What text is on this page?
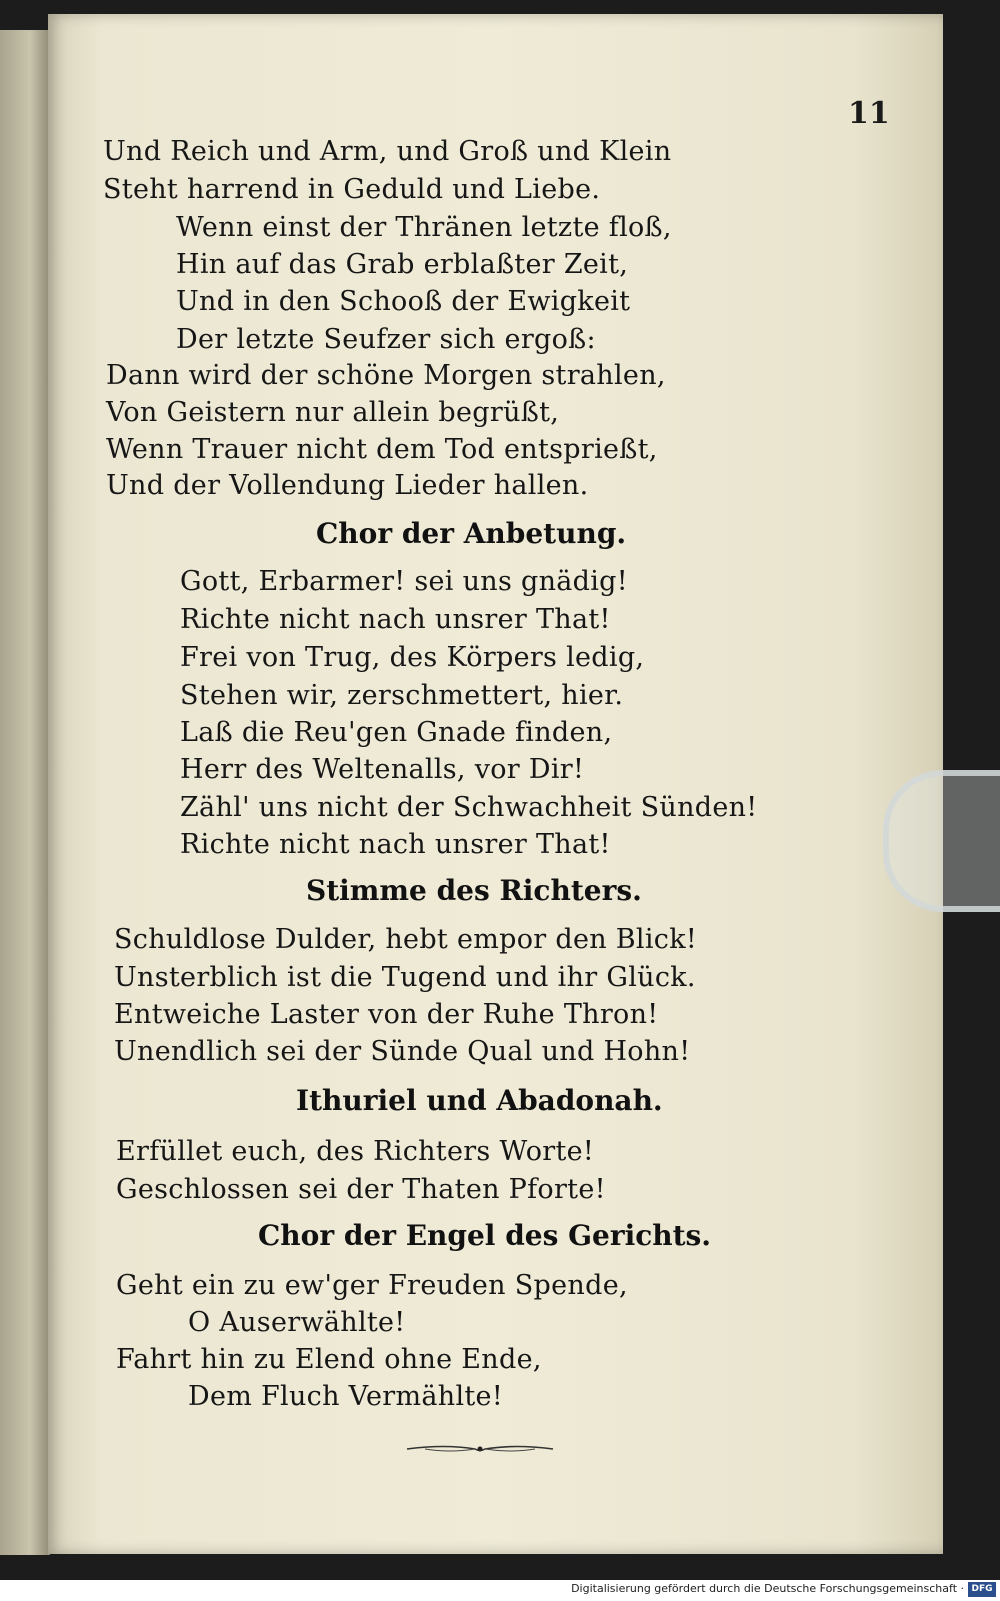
11
Und Reich und Arm, und Groß und Klein
Steht harrend in Geduld und Liebe.
Wenn einst der Thränen letzte floß,
Hin auf das Grab erblaßter Zeit,
Und in den Schooß der Ewigkeit
Der letzte Seufzer sich ergoß:
Dann wird der schöne Morgen strahlen,
Von Geistern nur allein begrüßt,
Wenn Trauer nicht dem Tod entsprießt,
Und der Vollendung Lieder hallen.
Chor der Anbetung.
Gott, Erbarmer! sei uns gnädig!
Richte nicht nach unsrer That!
Frei von Trug, des Körpers ledig,
Stehen wir, zerschmettert, hier.
Laß die Reu'gen Gnade finden,
Herr des Weltenalls, vor Dir!
Zähl' uns nicht der Schwachheit Sünden!
Richte nicht nach unsrer That!
Stimme des Richters.
Schuldlose Dulder, hebt empor den Blick!
Unsterblich ist die Tugend und ihr Glück.
Entweiche Laster von der Ruhe Thron!
Unendlich sei der Sünde Qual und Hohn!
Ithuriel und Abadonah.
Erfüllet euch, des Richters Worte!
Geschlossen sei der Thaten Pforte!
Chor der Engel des Gerichts.
Geht ein zu ew'ger Freuden Spende,
O Auserwählte!
Fahrt hin zu Elend ohne Ende,
Dem Fluch Vermählte!
Digitalisierung gefördert durch die Deutsche Forschungsgemeinschaft · DFG
